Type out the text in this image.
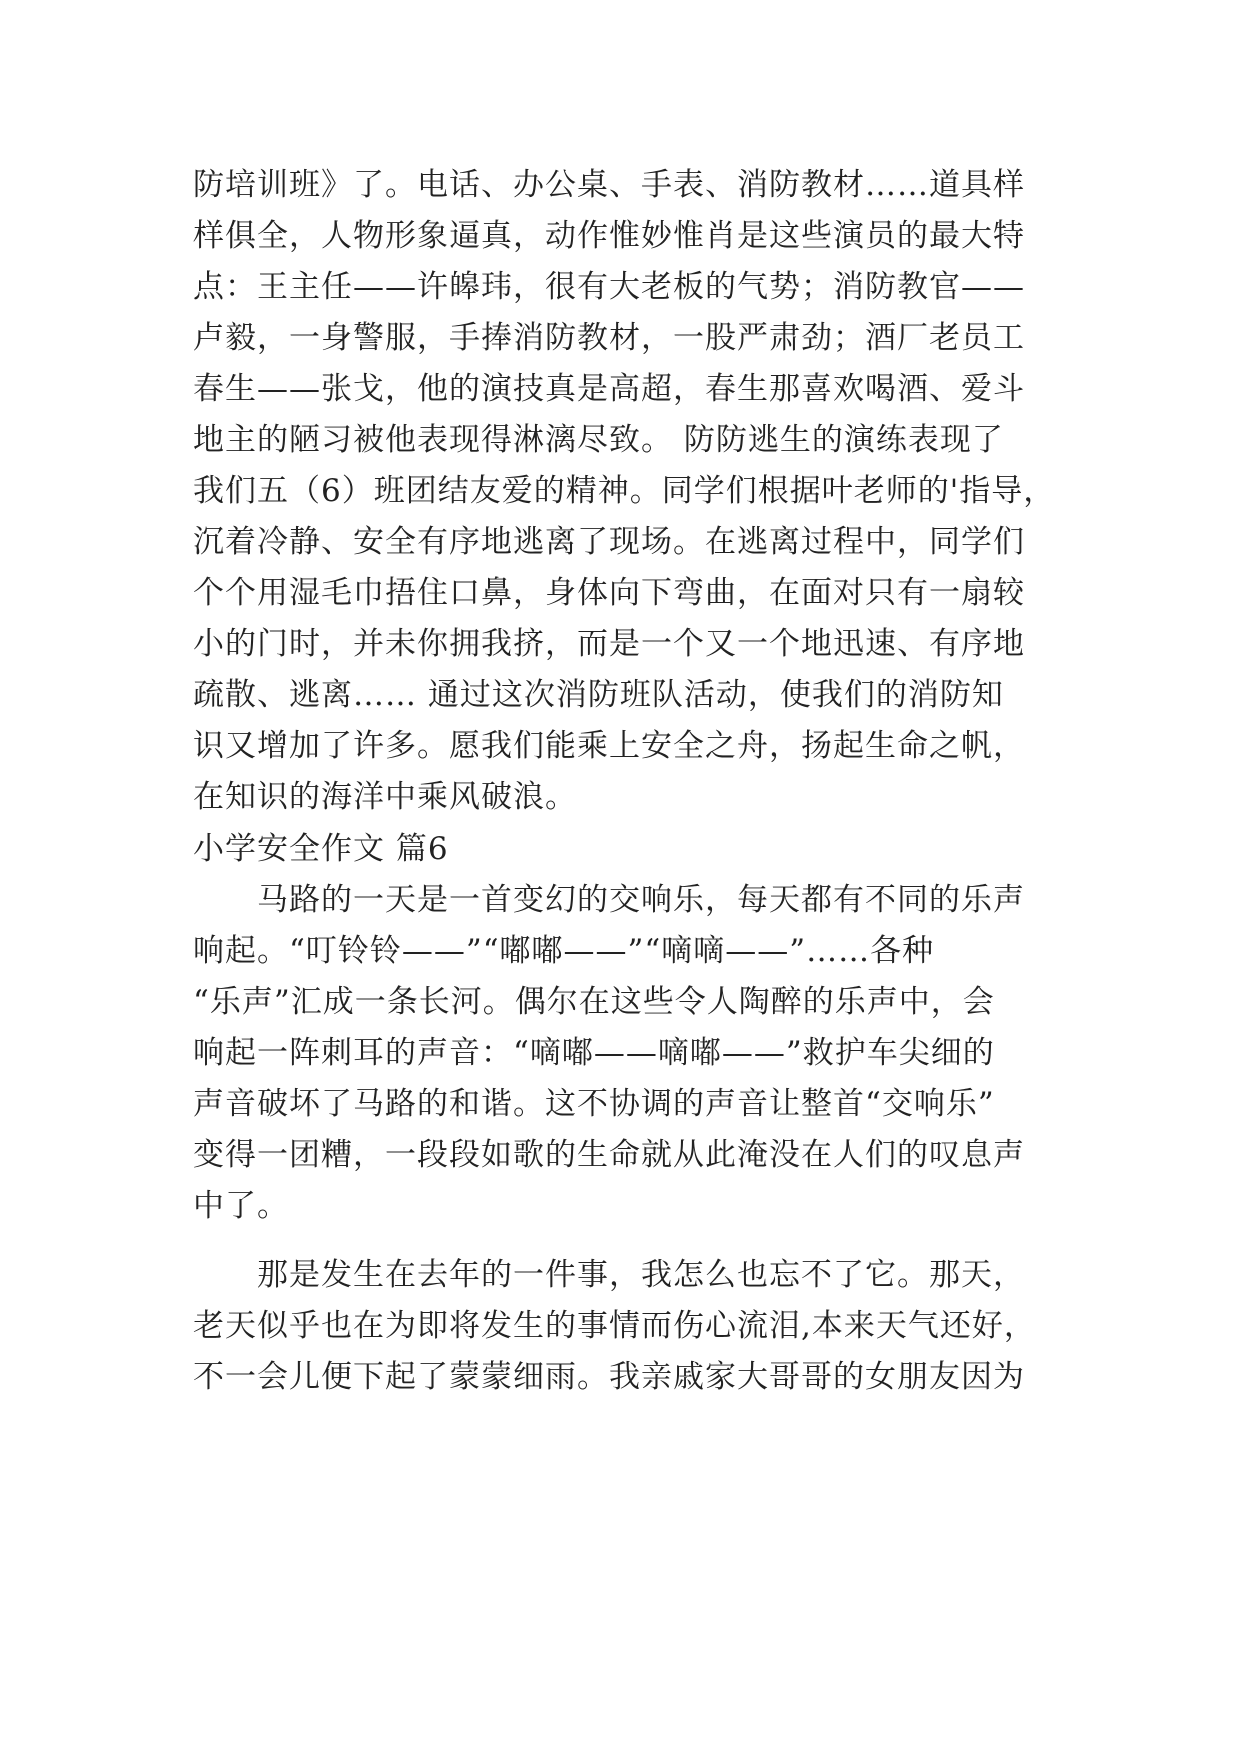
防培训班》了。电话、办公桌、手表、消防教材……道具样
样俱全，人物形象逼真，动作惟妙惟肖是这些演员的最大特
点：王主任——许皞玮，很有大老板的气势；消防教官——
卢毅，一身警服，手捧消防教材，一股严肃劲；酒厂老员工
春生——张戈，他的演技真是高超，春生那喜欢喝酒、爱斗
地主的陋习被他表现得淋漓尽致。 防防逃生的演练表现了
我们五（6）班团结友爱的精神。同学们根据叶老师的'指导，
沉着冷静、安全有序地逃离了现场。在逃离过程中，同学们
个个用湿毛巾捂住口鼻，身体向下弯曲，在面对只有一扇较
小的门时，并未你拥我挤，而是一个又一个地迅速、有序地
疏散、逃离…… 通过这次消防班队活动，使我们的消防知
识又增加了许多。愿我们能乘上安全之舟，扬起生命之帆，
在知识的海洋中乘风破浪。
小学安全作文 篇6
马路的一天是一首变幻的交响乐，每天都有不同的乐声
响起。“叮铃铃——”“嘟嘟——”“嘀嘀——”……各种
“乐声”汇成一条长河。偶尔在这些令人陶醉的乐声中，会
响起一阵刺耳的声音：“嘀嘟——嘀嘟——”救护车尖细的
声音破坏了马路的和谐。这不协调的声音让整首“交响乐”
变得一团糟，一段段如歌的生命就从此淹没在人们的叹息声
中了。
那是发生在去年的一件事，我怎么也忘不了它。那天，
老天似乎也在为即将发生的事情而伤心流泪,本来天气还好，
不一会儿便下起了蒙蒙细雨。我亲戚家大哥哥的女朋友因为
